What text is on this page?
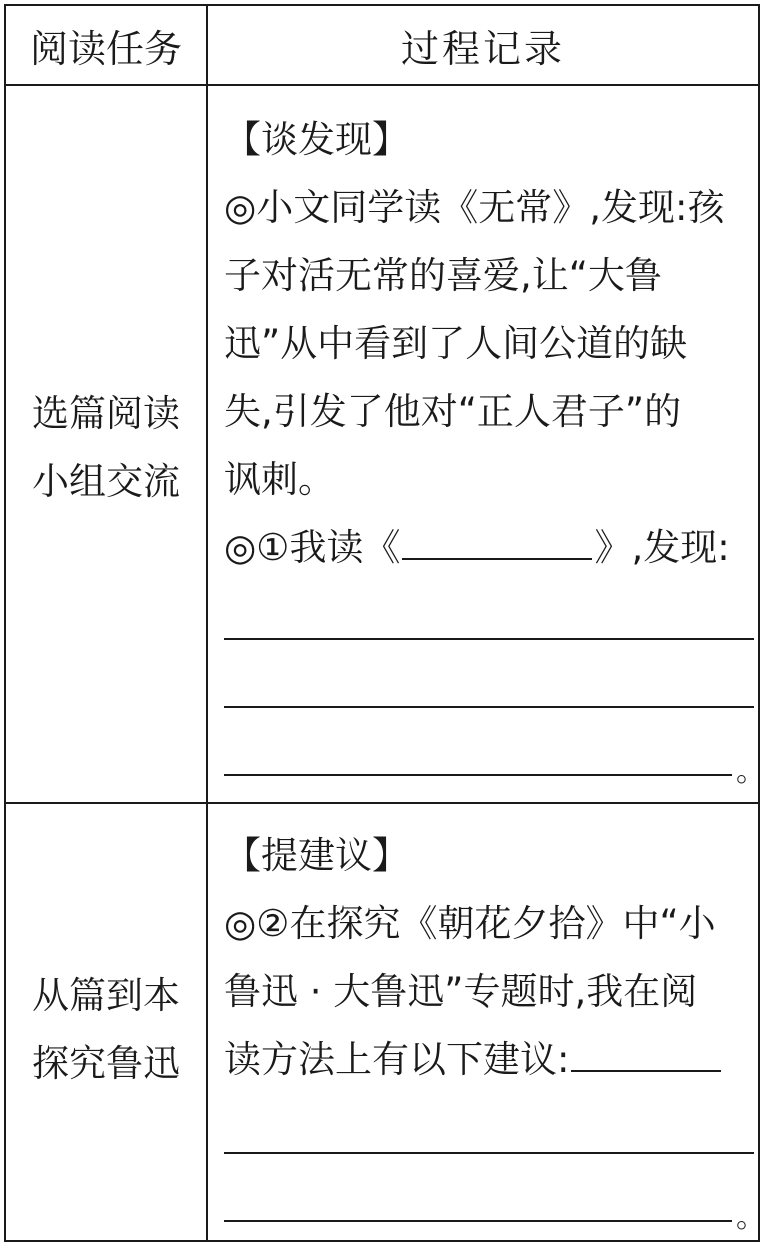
阅读任务	过程记录
选篇阅读
小组交流
【谈发现】
◎小文同学读《无常》,发现:孩
子对活无常的喜爱,让“大鲁
迅”从中看到了人间公道的缺
失,引发了他对“正人君子”的
讽刺。
◎①我读《	》,发现:
。
从篇到本
探究鲁迅
【提建议】
◎②在探究《朝花夕拾》中“小
鲁迅 · 大鲁迅”专题时,我在阅
读方法上有以下建议:
。
